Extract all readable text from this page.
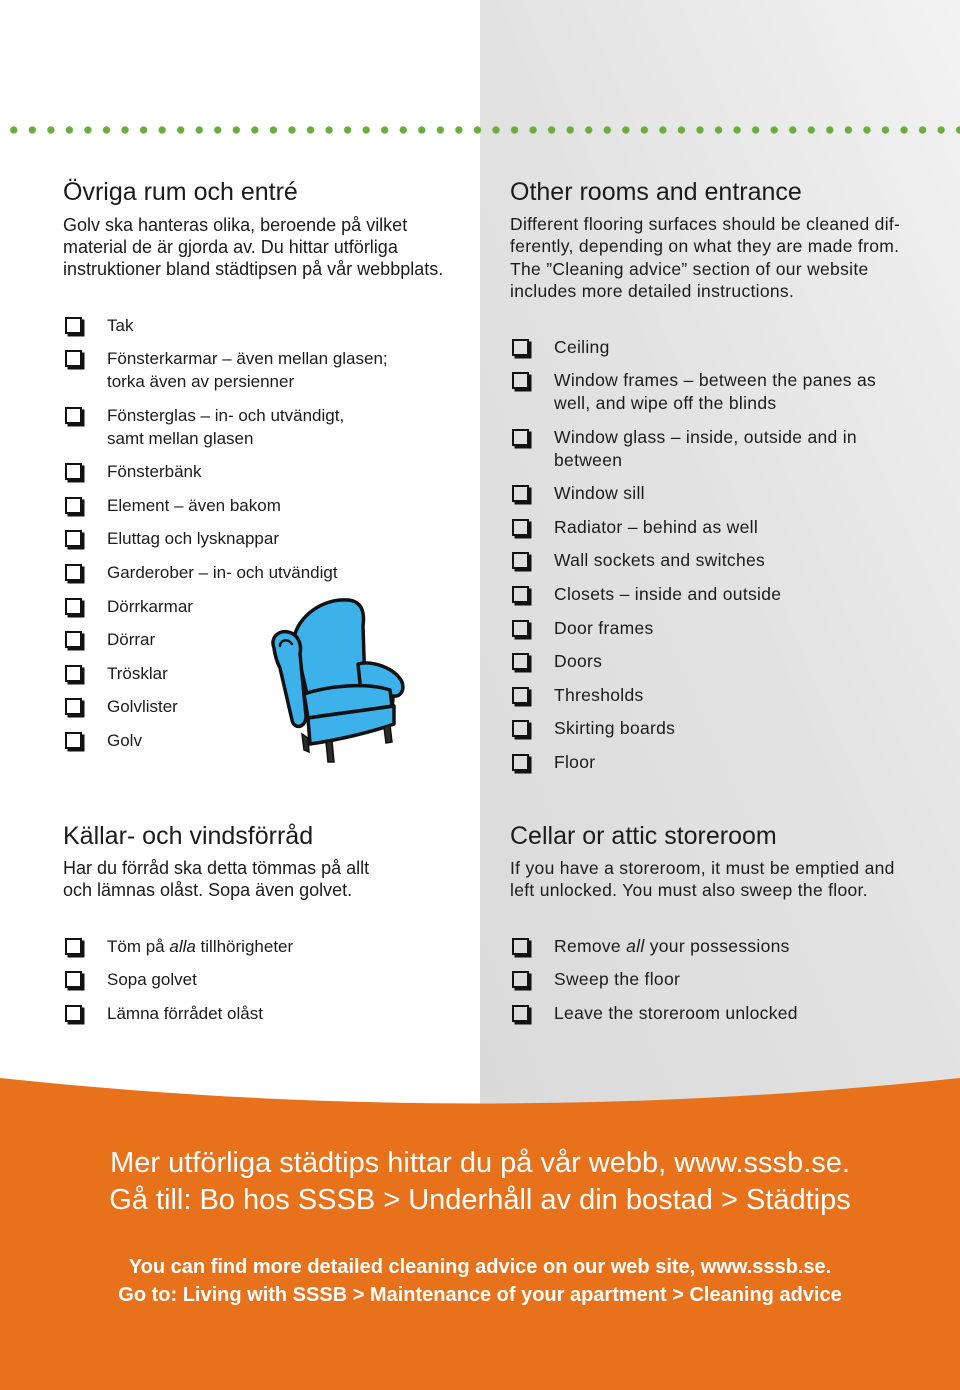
Övriga rum och entré
Golv ska hanteras olika, beroende på vilket
material de är gjorda av. Du hittar utförliga
instruktioner bland städtipsen på vår webbplats.
Tak
Fönsterkarmar – även mellan glasen;
torka även av persienner
Fönsterglas – in- och utvändigt,
samt mellan glasen
Fönsterbänk
Element – även bakom
Eluttag och lysknappar
Garderober – in- och utvändigt
Dörrkarmar
Dörrar
Trösklar
Golvlister
Golv
Other rooms and entrance
Different flooring surfaces should be cleaned dif-
ferently, depending on what they are made from.
The ”Cleaning advice” section of our website
includes more detailed instructions.
Ceiling
Window frames – between the panes as
well, and wipe off the blinds
Window glass – inside, outside and in
between
Window sill
Radiator – behind as well
Wall sockets and switches
Closets – inside and outside
Door frames
Doors
Thresholds
Skirting boards
Floor
Källar- och vindsförråd
Har du förråd ska detta tömmas på allt
och lämnas olåst. Sopa även golvet.
Töm på alla tillhörigheter
Sopa golvet
Lämna förrådet olåst
Cellar or attic storeroom
If you have a storeroom, it must be emptied and
left unlocked. You must also sweep the floor.
Remove all your possessions
Sweep the floor
Leave the storeroom unlocked
Mer utförliga städtips hittar du på vår webb, www.sssb.se.
Gå till: Bo hos SSSB > Underhåll av din bostad > Städtips
You can find more detailed cleaning advice on our web site, www.sssb.se.
Go to: Living with SSSB > Maintenance of your apartment > Cleaning advice
